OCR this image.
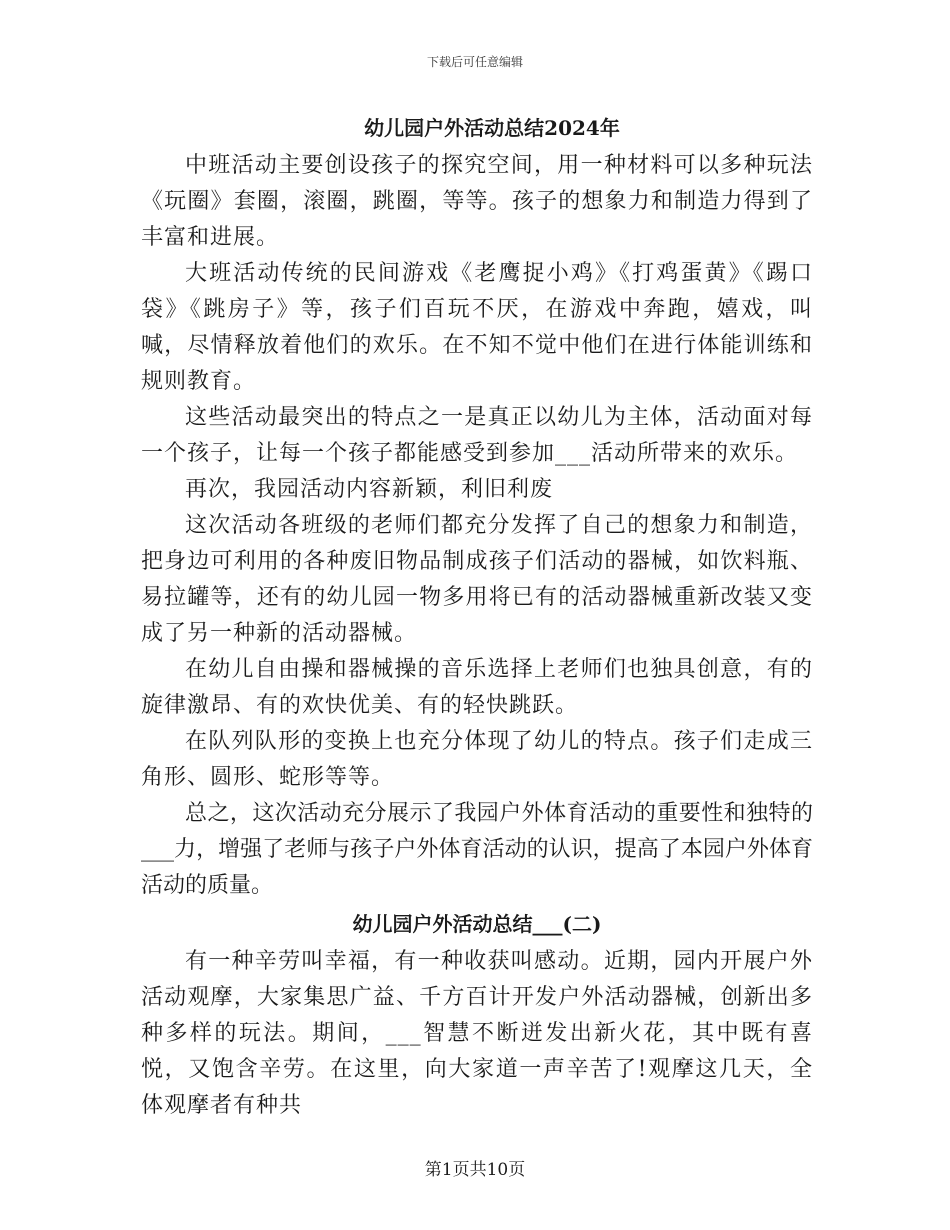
下载后可任意编辑
幼儿园户外活动总结2024年

中班活动主要创设孩子的探究空间，用一种材料可以多种玩法《玩圈》套圈，滚圈，跳圈，等等。孩子的想象力和制造力得到了丰富和进展。

大班活动传统的民间游戏《老鹰捉小鸡》《打鸡蛋黄》《踢口袋》《跳房子》等，孩子们百玩不厌，在游戏中奔跑，嬉戏，叫喊，尽情释放着他们的欢乐。在不知不觉中他们在进行体能训练和规则教育。

这些活动最突出的特点之一是真正以幼儿为主体，活动面对每一个孩子，让每一个孩子都能感受到参加___活动所带来的欢乐。

再次，我园活动内容新颖，利旧利废

这次活动各班级的老师们都充分发挥了自己的想象力和制造，把身边可利用的各种废旧物品制成孩子们活动的器械，如饮料瓶、易拉罐等，还有的幼儿园一物多用将已有的活动器械重新改装又变成了另一种新的活动器械。

在幼儿自由操和器械操的音乐选择上老师们也独具创意，有的旋律激昂、有的欢快优美、有的轻快跳跃。

在队列队形的变换上也充分体现了幼儿的特点。孩子们走成三角形、圆形、蛇形等等。

总之，这次活动充分展示了我园户外体育活动的重要性和独特的___力，增强了老师与孩子户外体育活动的认识，提高了本园户外体育活动的质量。

幼儿园户外活动总结___(二)

有一种辛劳叫幸福，有一种收获叫感动。近期，园内开展户外活动观摩，大家集思广益、千方百计开发户外活动器械，创新出多种多样的玩法。期间，___智慧不断迸发出新火花，其中既有喜悦，又饱含辛劳。在这里，向大家道一声辛苦了!观摩这几天，全体观摩者有种共

第1页共10页
